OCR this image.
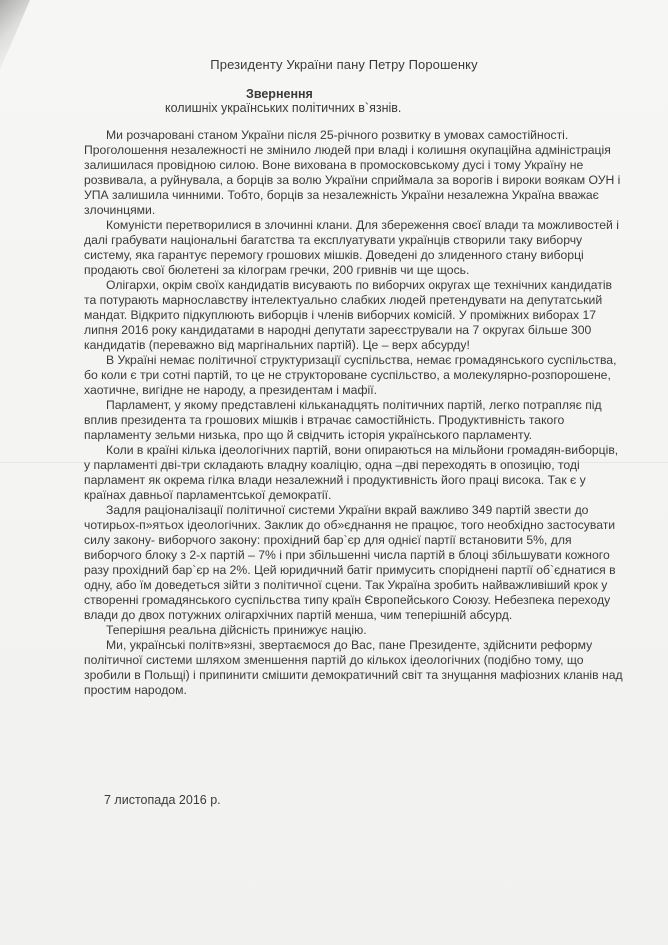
Президенту України пану Петру Порошенку
Звернення
колишніх українських політичних в`язнів.

Ми розчаровані станом України після 25-річного розвитку в умовах самостійності. Проголошення незалежності не змінило людей при владі і колишня окупаційна адміністрація залишилася провідною силою. Воне вихована в промосковському дусі і тому Україну не розвивала, а руйнувала, а борців за волю України сприймала за ворогів і вироки воякам ОУН і УПА залишила чинними. Тобто, борців за незалежність України незалежна Україна вважає злочинцями.

Комуністи перетворилися в злочинні клани. Для збереження своєї влади та можливостей і далі грабувати національні багатства та експлуатувати українців створили таку виборчу систему, яка гарантує перемогу грошових мішків. Доведені до злиденного стану виборці продають свої бюлетені за кілограм гречки, 200 гривнів чи ще щось.

Олігархи, окрім своїх кандидатів висувають по виборчих округах ще технічних кандидатів та потурають марнославству інтелектуально слабких людей претендувати на депутатський мандат. Відкрито підкуплюють виборців і членів виборчих комісій. У проміжних виборах 17 липня 2016 року кандидатами в народні депутати зареєстрували на 7 округах більше 300 кандидатів (переважно від маргінальних партій). Це – верх абсурду!

В Україні немає політичної структуризації суспільства, немає громадянського суспільства, бо коли є три сотні партій, то це не структороване суспільство, а молекулярно-розпорошене, хаотичне, вигідне не народу, а президентам і мафії.

Парламент, у якому представлені кільканадцять політичних партій, легко потрапляє під вплив президента та грошових мішків і втрачає самостійність. Продуктивність такого парламенту зельми низька, про що й свідчить історія українського парламенту.

Коли в країні кілька ідеологічних партій, вони опираються на мільйони громадян-виборців, у парламенті дві-три складають владну коаліцію, одна –дві переходять в опозицію, тоді парламент як окрема гілка влади незалежний і продуктивність його праці висока. Так є у країнах давньої парламентської демократії.

Задля раціоналізації політичної системи України вкрай важливо 349 партій звести до чотирьох-п»ятьох ідеологічних. Заклик до об»єднання не працює, того необхідно застосувати силу закону- виборчого закону: прохідний бар`єр для однієї партії встановити 5%, для виборчого блоку з 2-х партій – 7% і при збільшенні числа партій в блоці збільшувати кожного разу прохідний бар`єр на 2%. Цей юридичний батіг примусить споріднені партії об`єднатися в одну, або їм доведеться зійти з політичної сцени. Так Україна зробить найважливіший крок у створенні громадянського суспільства типу країн Європейського Союзу. Небезпека переходу влади до двох потужних олігархічних партій менша, чим теперішній абсурд.

Теперішня реальна дійсність принижує націю.

Ми, українські політв»язні, звертаємося до Вас, пане Президенте, здійснити реформу політичної системи шляхом зменшення партій до кількох ідеологічних (подібно тому, що зробили в Польщі) і припинити смішити демократичний світ та знущання мафіозних кланів над простим народом.

7 листопада 2016 р.
